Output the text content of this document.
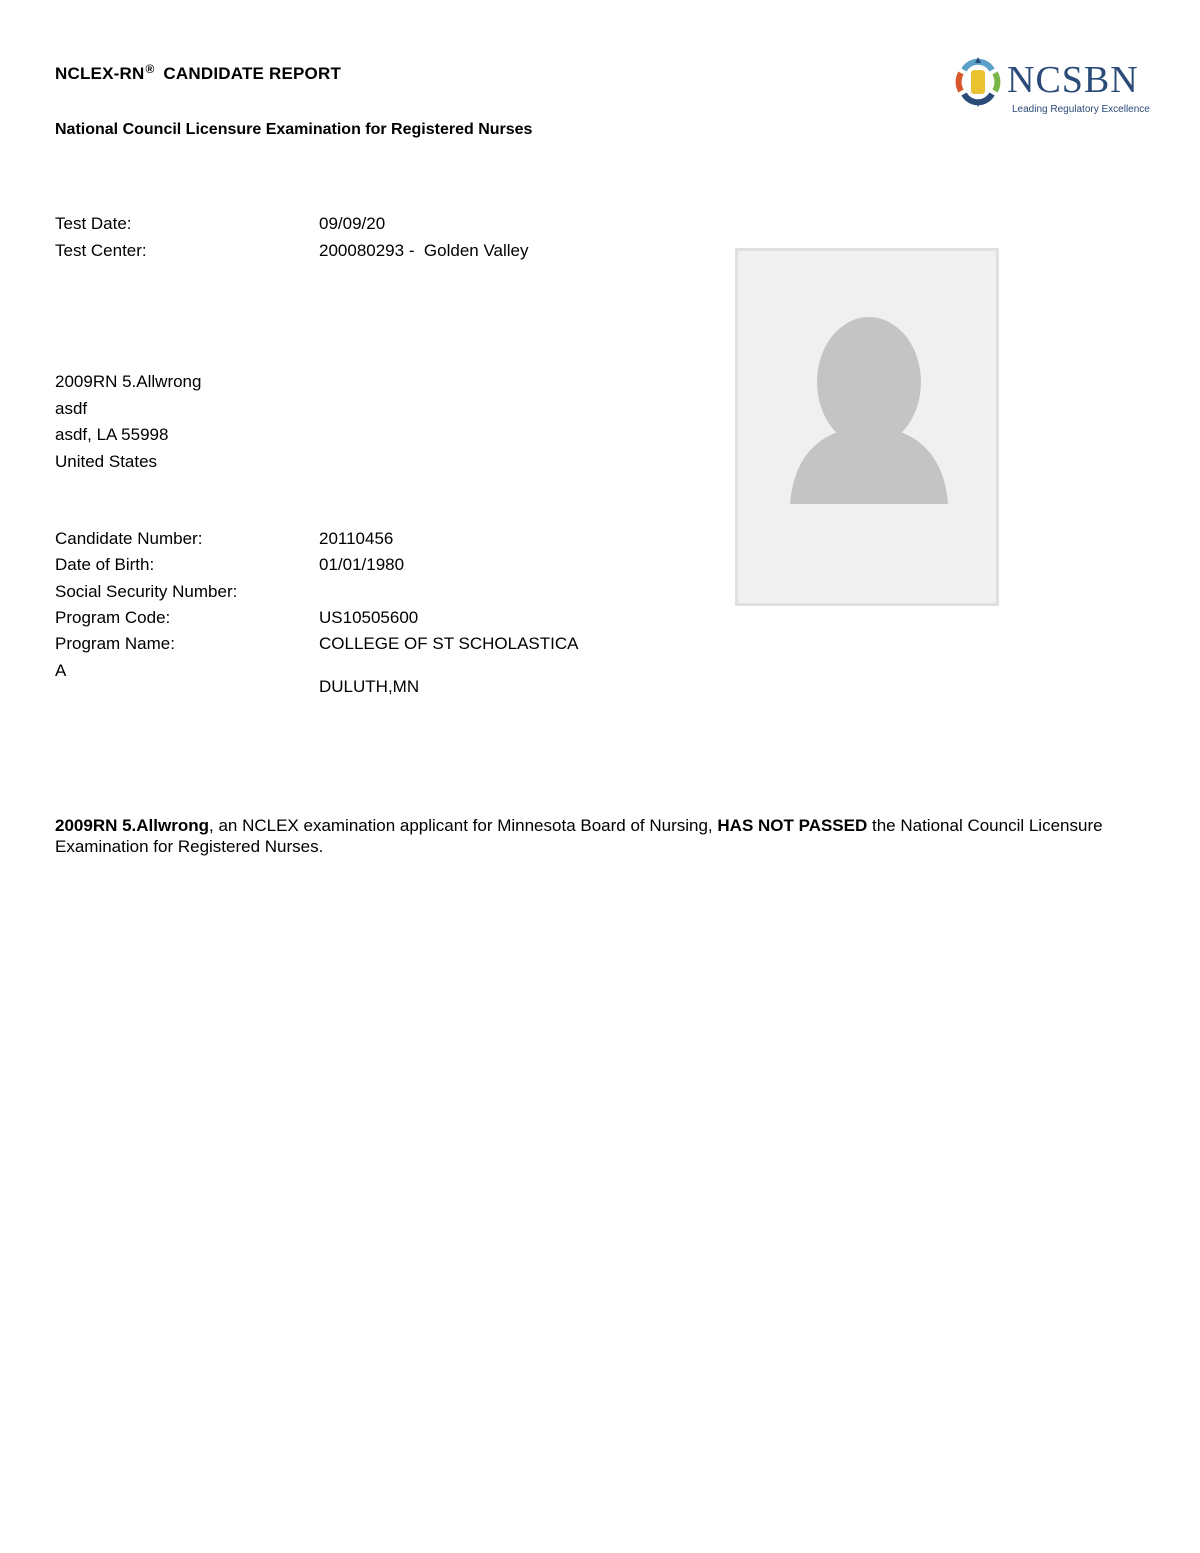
NCLEX-RN® CANDIDATE REPORT
National Council Licensure Examination for Registered Nurses
NCSBN
Leading Regulatory Excellence
Test Date:	09/09/20
Test Center:	200080293 -  Golden Valley
2009RN 5.Allwrong
asdf
asdf, LA 55998
United States
Candidate Number:	20110456
Date of Birth:	01/01/1980
Social Security Number:
Program Code:	US10505600
Program Name:	COLLEGE OF ST SCHOLASTICA
A
DULUTH,MN
2009RN 5.Allwrong, an NCLEX examination applicant for Minnesota Board of Nursing, HAS NOT PASSED the National Council Licensure Examination for Registered Nurses.
